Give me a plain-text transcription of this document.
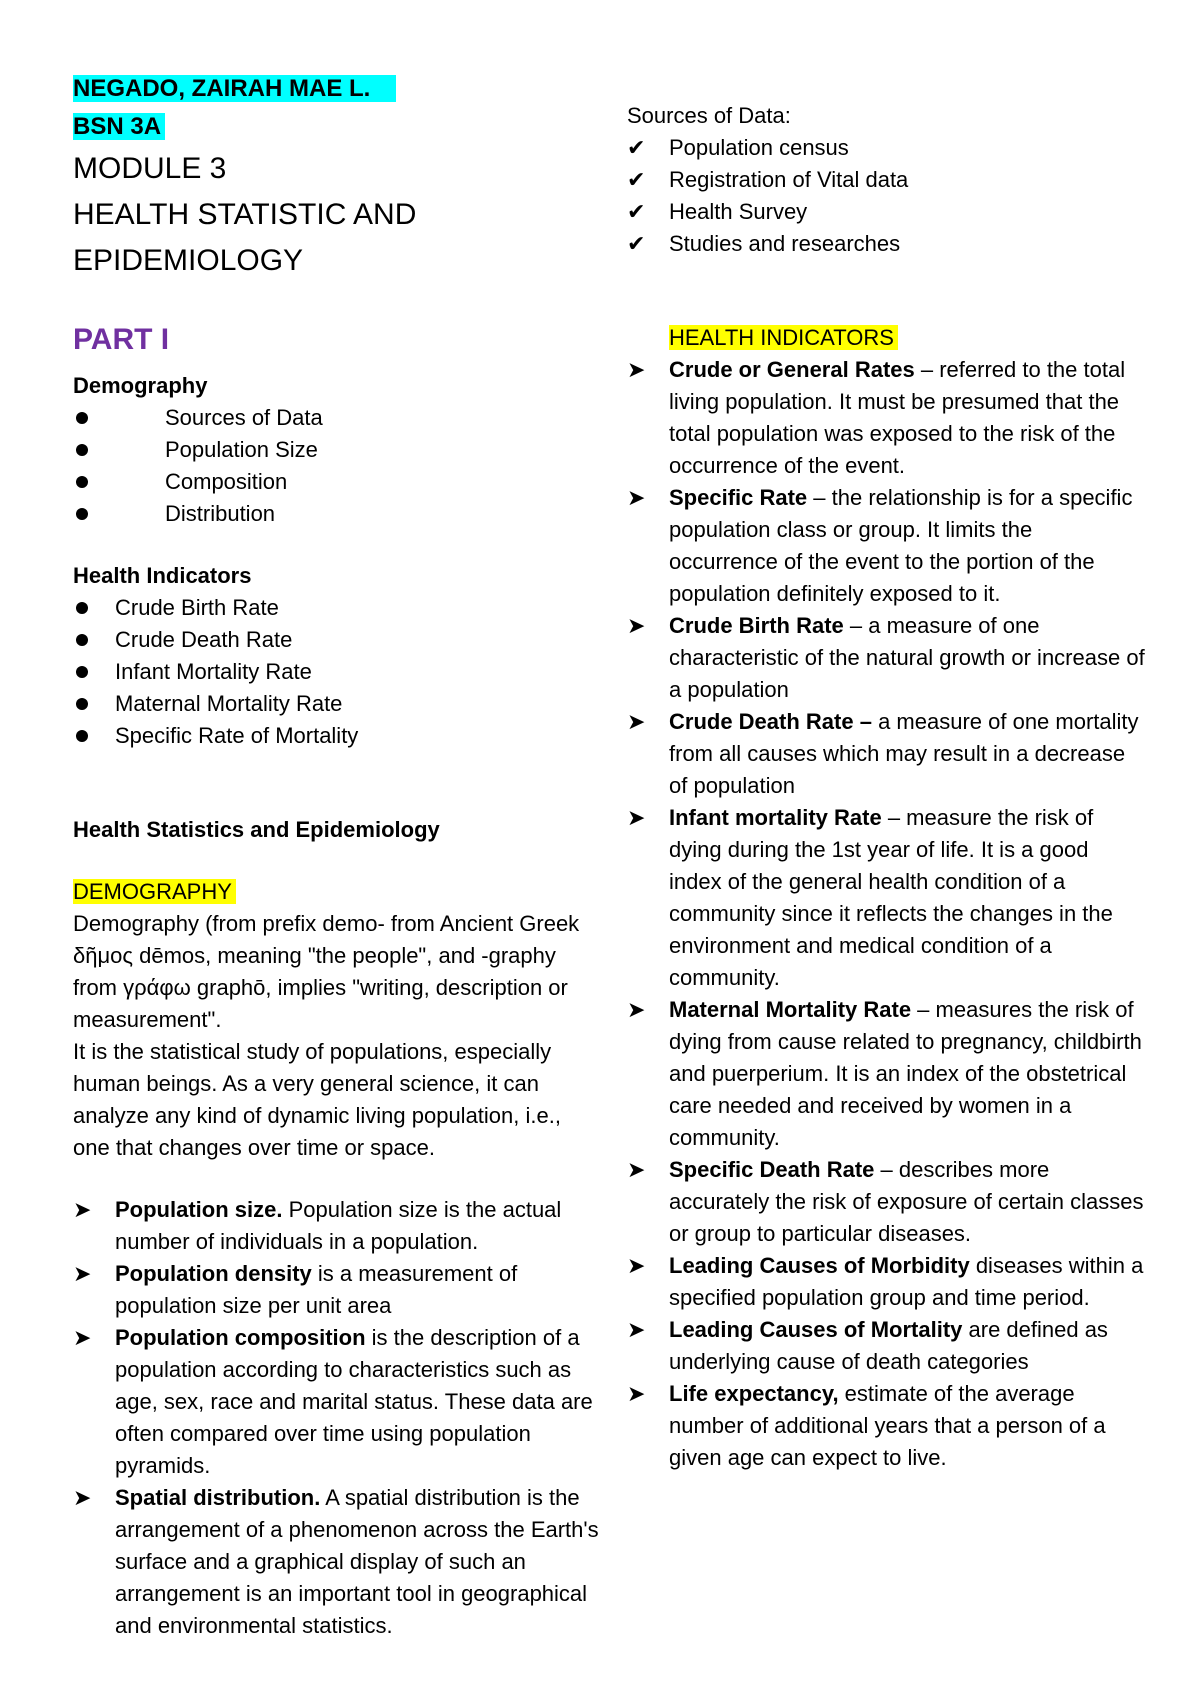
NEGADO, ZAIRAH MAE L.

BSN 3A

MODULE 3

HEALTH STATISTIC AND

EPIDEMIOLOGY

PART I

Demography

Sources of Data
Population Size
Composition
Distribution

Health Indicators

Crude Birth Rate
Crude Death Rate
Infant Mortality Rate
Maternal Mortality Rate
Specific Rate of Mortality

Health Statistics and Epidemiology

DEMOGRAPHY

Demography (from prefix demo- from Ancient Greek δῆμος dēmos, meaning "the people", and -graphy from γράφω graphō, implies "writing, description or measurement".

It is the statistical study of populations, especially human beings. As a very general science, it can analyze any kind of dynamic living population, i.e., one that changes over time or space.

➤ Population size. Population size is the actual number of individuals in a population.
➤ Population density is a measurement of population size per unit area
➤ Population composition is the description of a population according to characteristics such as age, sex, race and marital status. These data are often compared over time using population pyramids.
➤ Spatial distribution. A spatial distribution is the arrangement of a phenomenon across the Earth's surface and a graphical display of such an arrangement is an important tool in geographical and environmental statistics.

Sources of Data:

✔ Population census
✔ Registration of Vital data
✔ Health Survey
✔ Studies and researches

HEALTH INDICATORS

➤ Crude or General Rates – referred to the total living population. It must be presumed that the total population was exposed to the risk of the occurrence of the event.
➤ Specific Rate – the relationship is for a specific population class or group. It limits the occurrence of the event to the portion of the population definitely exposed to it.
➤ Crude Birth Rate – a measure of one characteristic of the natural growth or increase of a population
➤ Crude Death Rate – a measure of one mortality from all causes which may result in a decrease of population
➤ Infant mortality Rate – measure the risk of dying during the 1st year of life. It is a good index of the general health condition of a community since it reflects the changes in the environment and medical condition of a community.
➤ Maternal Mortality Rate – measures the risk of dying from cause related to pregnancy, childbirth and puerperium. It is an index of the obstetrical care needed and received by women in a community.
➤ Specific Death Rate – describes more accurately the risk of exposure of certain classes or group to particular diseases.
➤ Leading Causes of Morbidity diseases within a specified population group and time period.
➤ Leading Causes of Mortality are defined as underlying cause of death categories
➤ Life expectancy, estimate of the average number of additional years that a person of a given age can expect to live.
